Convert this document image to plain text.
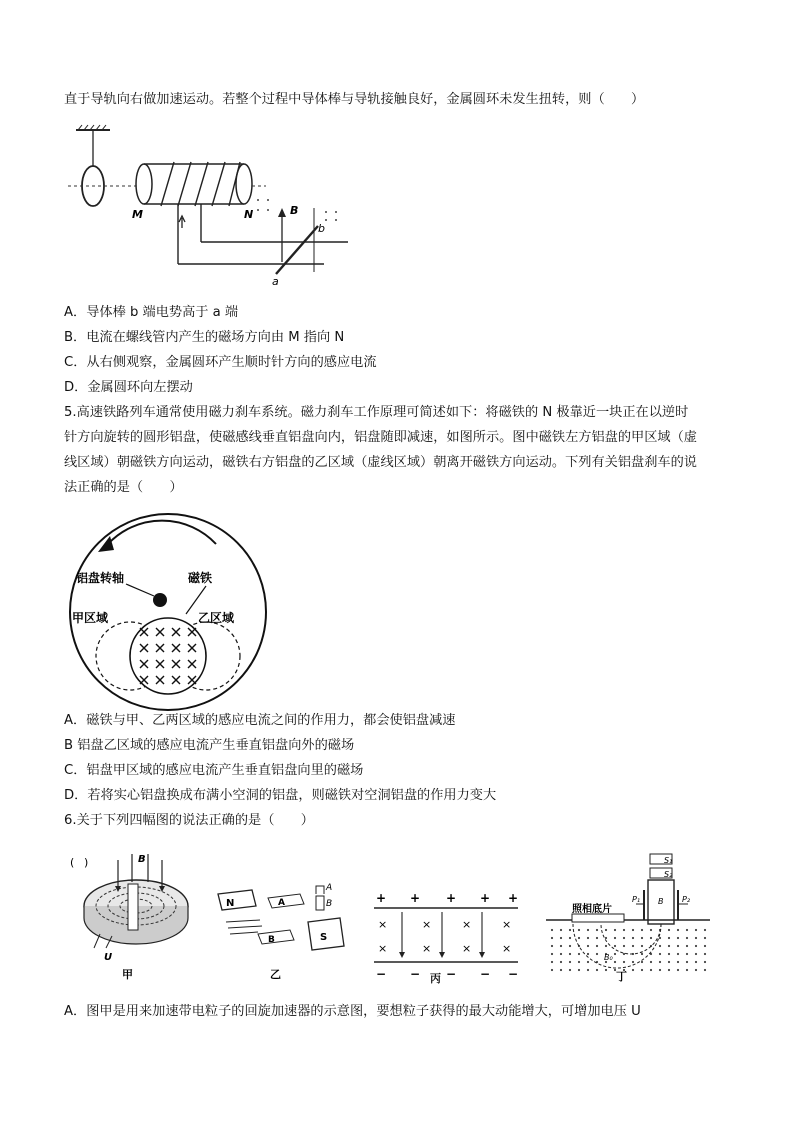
直于导轨向右做加速运动。若整个过程中导体棒与导轨接触良好，金属圆环未发生扭转，则（　　）
M	N	B
a
b
A．导体棒 b 端电势高于 a 端
B．电流在螺线管内产生的磁场方向由 M 指向 N
C．从右侧观察，金属圆环产生顺时针方向的感应电流
D．金属圆环向左摆动
5.高速铁路列车通常使用磁力刹车系统。磁力刹车工作原理可简述如下：将磁铁的 N 极靠近一块正在以逆时
针方向旋转的圆形铝盘，使磁感线垂直铝盘向内，铝盘随即减速，如图所示。图中磁铁左方铝盘的甲区域（虚
线区域）朝磁铁方向运动，磁铁右方铝盘的乙区域（虚线区域）朝离开磁铁方向运动。下列有关铝盘刹车的说
法正确的是（　　）
铝盘转轴	磁铁
甲区域	乙区域
A．磁铁与甲、乙两区域的感应电流之间的作用力，都会使铝盘减速
B 铝盘乙区域的感应电流产生垂直铝盘向外的磁场
C．铝盘甲区域的感应电流产生垂直铝盘向里的磁场
D．若将实心铝盘换成布满小空洞的铝盘，则磁铁对空洞铝盘的作用力变大
6.关于下列四幅图的说法正确的是（　　）
( )	B
U
甲
N	A
B
A
B
S
乙
+ + + + +
− − − − −
×	×	×	×
×	×	×	×
丙
S₁
S₂
P₁	P₂
B
照相底片
B₀
丁
A．图甲是用来加速带电粒子的回旋加速器的示意图，要想粒子获得的最大动能增大，可增加电压 U
